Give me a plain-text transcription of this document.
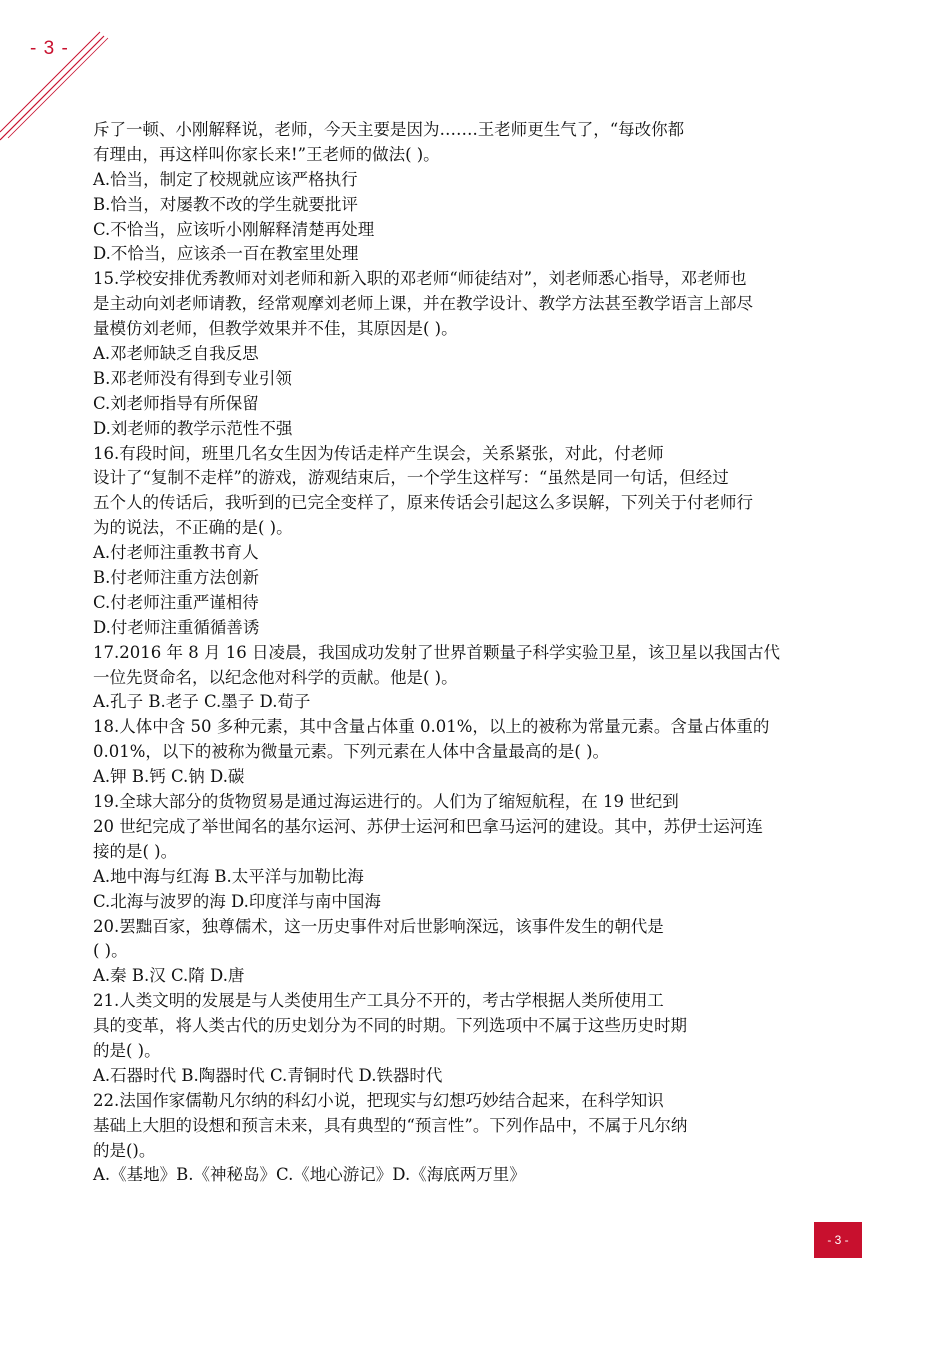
- 3 -
斥了一顿、小刚解释说，老师，今天主要是因为…….王老师更生气了，“每改你都
有理由，再这样叫你家长来!”王老师的做法( )。
A.恰当，制定了校规就应该严格执行
B.恰当，对屡教不改的学生就要批评
C.不恰当，应该听小刚解释清楚再处理
D.不恰当，应该杀一百在教室里处理
15.学校安排优秀教师对刘老师和新入职的邓老师“师徒结对”，刘老师悉心指导，邓老师也
是主动向刘老师请教，经常观摩刘老师上课，并在教学设计、教学方法甚至教学语言上部尽
量模仿刘老师，但教学效果并不佳，其原因是( )。
A.邓老师缺乏自我反思
B.邓老师没有得到专业引领
C.刘老师指导有所保留
D.刘老师的教学示范性不强
16.有段时间，班里几名女生因为传话走样产生误会，关系紧张，对此，付老师
设计了“复制不走样”的游戏，游观结束后，一个学生这样写：“虽然是同一句话，但经过
五个人的传话后，我听到的已完全变样了，原来传话会引起这么多误解，下列关于付老师行
为的说法，不正确的是( )。
A.付老师注重教书育人
B.付老师注重方法创新
C.付老师注重严谨相待
D.付老师注重循循善诱
17.2016 年 8 月 16 日凌晨，我国成功发射了世界首颗量子科学实验卫星，该卫星以我国古代
一位先贤命名，以纪念他对科学的贡献。他是( )。
A.孔子 B.老子 C.墨子 D.荀子
18.人体中含 50 多种元素，其中含量占体重 0.01%，以上的被称为常量元素。含量占体重的
0.01%，以下的被称为微量元素。下列元素在人体中含量最高的是( )。
A.钾 B.钙 C.钠 D.碳
19.全球大部分的货物贸易是通过海运进行的。人们为了缩短航程，在 19 世纪到
20 世纪完成了举世闻名的基尔运河、苏伊士运河和巴拿马运河的建设。其中，苏伊士运河连
接的是( )。
A.地中海与红海 B.太平洋与加勒比海
C.北海与波罗的海 D.印度洋与南中国海
20.罢黜百家，独尊儒术，这一历史事件对后世影响深远，该事件发生的朝代是
( )。
A.秦 B.汉 C.隋 D.唐
21.人类文明的发展是与人类使用生产工具分不开的，考古学根据人类所使用工
具的变革，将人类古代的历史划分为不同的时期。下列选项中不属于这些历史时期
的是( )。
A.石器时代 B.陶器时代 C.青铜时代 D.铁器时代
22.法国作家儒勒凡尔纳的科幻小说，把现实与幻想巧妙结合起来，在科学知识
基础上大胆的设想和预言未来，具有典型的“预言性”。下列作品中，不属于凡尔纳
的是()。
A.《基地》B.《神秘岛》C.《地心游记》D.《海底两万里》
- 3 -
